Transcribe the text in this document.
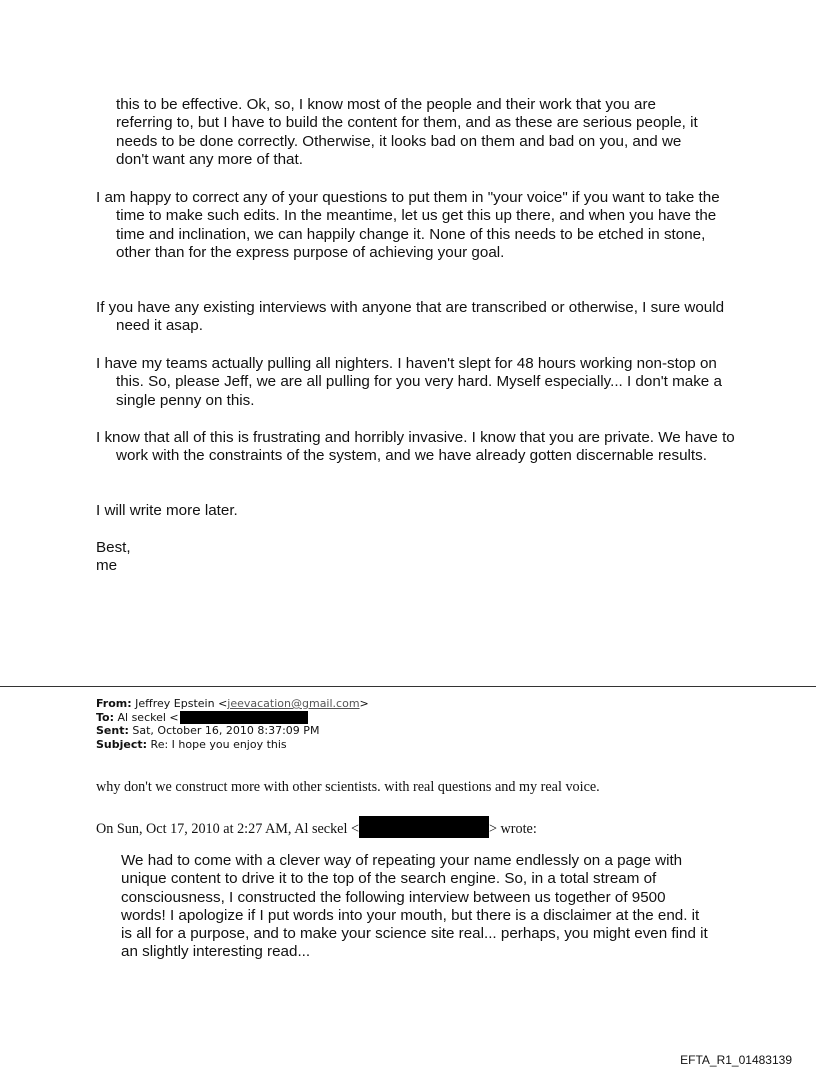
this to be effective. Ok, so, I know most of the people and their work that you are referring to, but I have to build the content for them, and as these are serious people, it needs to be done correctly. Otherwise, it looks bad on them and bad on you, and we don't want any more of that.

I am happy to correct any of your questions to put them in "your voice" if you want to take the time to make such edits. In the meantime, let us get this up there, and when you have the time and inclination, we can happily change it. None of this needs to be etched in stone, other than for the express purpose of achieving your goal.

If you have any existing interviews with anyone that are transcribed or otherwise, I sure would need it asap.

I have my teams actually pulling all nighters. I haven't slept for 48 hours working non-stop on this. So, please Jeff, we are all pulling for you very hard. Myself especially... I don't make a single penny on this.

I know that all of this is frustrating and horribly invasive. I know that you are private. We have to work with the constraints of the system, and we have already gotten discernable results.

I will write more later.

Best,

me

From: Jeffrey Epstein <jeevacation@gmail.com>
To: Al seckel <
Sent: Sat, October 16, 2010 8:37:09 PM
Subject: Re: I hope you enjoy this

why don't we construct more with other scientists. with real questions and my real voice.

On Sun, Oct 17, 2010 at 2:27 AM, Al seckel <	> wrote:

We had to come with a clever way of repeating your name endlessly on a page with unique content to drive it to the top of the search engine. So, in a total stream of consciousness, I constructed the following interview between us together of 9500 words! I apologize if I put words into your mouth, but there is a disclaimer at the end. it is all for a purpose, and to make your science site real... perhaps, you might even find it an slightly interesting read...

EFTA_R1_01483139
